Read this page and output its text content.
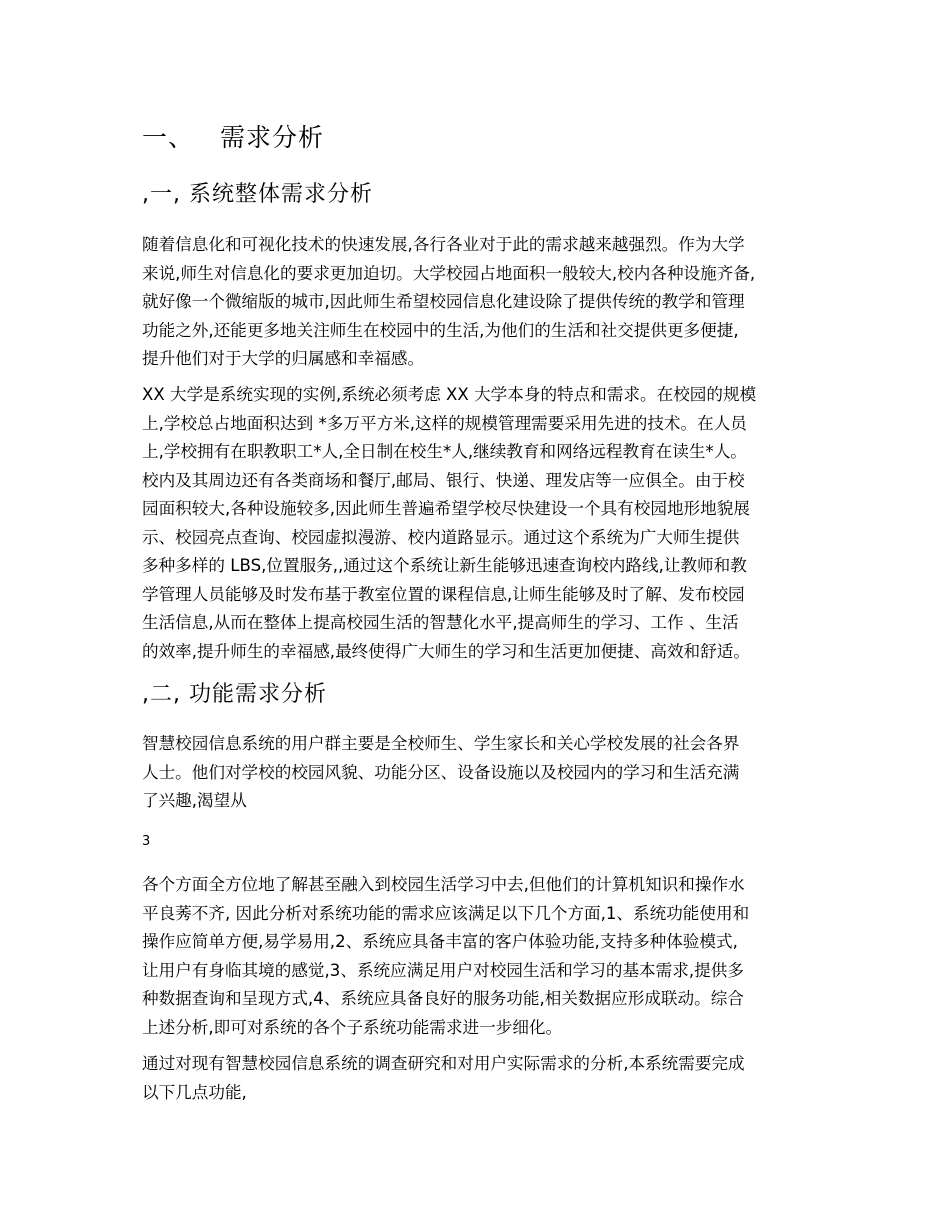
一、 需求分析
,一, 系统整体需求分析
随着信息化和可视化技术的快速发展,各行各业对于此的需求越来越强烈。作为大学
来说,师生对信息化的要求更加迫切。大学校园占地面积一般较大,校内各种设施齐备,
就好像一个微缩版的城市,因此师生希望校园信息化建设除了提供传统的教学和管理
功能之外,还能更多地关注师生在校园中的生活,为他们的生活和社交提供更多便捷,
提升他们对于大学的归属感和幸福感。
XX 大学是系统实现的实例,系统必须考虑 XX 大学本身的特点和需求。在校园的规模
上,学校总占地面积达到 *多万平方米,这样的规模管理需要采用先进的技术。在人员
上,学校拥有在职教职工*人,全日制在校生*人,继续教育和网络远程教育在读生*人。
校内及其周边还有各类商场和餐厅,邮局、银行、快递、理发店等一应俱全。由于校
园面积较大,各种设施较多,因此师生普遍希望学校尽快建设一个具有校园地形地貌展
示、校园亮点查询、校园虚拟漫游、校内道路显示。通过这个系统为广大师生提供
多种多样的 LBS,位置服务,,通过这个系统让新生能够迅速查询校内路线,让教师和教
学管理人员能够及时发布基于教室位置的课程信息,让师生能够及时了解、发布校园
生活信息,从而在整体上提高校园生活的智慧化水平,提高师生的学习、工作 、生活
的效率,提升师生的幸福感,最终使得广大师生的学习和生活更加便捷、高效和舒适。
,二, 功能需求分析
智慧校园信息系统的用户群主要是全校师生、学生家长和关心学校发展的社会各界
人士。他们对学校的校园风貌、功能分区、设备设施以及校园内的学习和生活充满
了兴趣,渴望从
3
各个方面全方位地了解甚至融入到校园生活学习中去,但他们的计算机知识和操作水
平良莠不齐, 因此分析对系统功能的需求应该满足以下几个方面,1、系统功能使用和
操作应简单方便,易学易用,2、系统应具备丰富的客户体验功能,支持多种体验模式,
让用户有身临其境的感觉,3、系统应满足用户对校园生活和学习的基本需求,提供多
种数据查询和呈现方式,4、系统应具备良好的服务功能,相关数据应形成联动。综合
上述分析,即可对系统的各个子系统功能需求进一步细化。
通过对现有智慧校园信息系统的调查研究和对用户实际需求的分析,本系统需要完成
以下几点功能,
